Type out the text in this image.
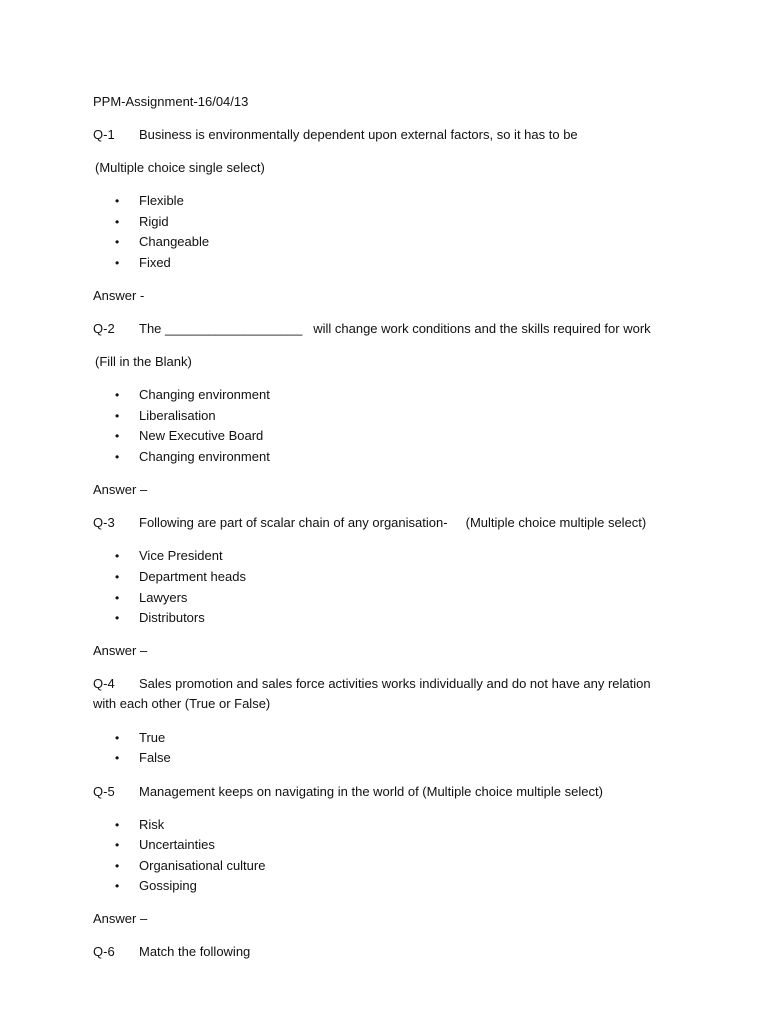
PPM-Assignment-16/04/13
Q-1 Business is environmentally dependent upon external factors, so it has to be
(Multiple choice single select)
• Flexible
• Rigid
• Changeable
• Fixed
Answer -
Q-2 The ___________________   will change work conditions and the skills required for work
(Fill in the Blank)
• Changing environment
• Liberalisation
• New Executive Board
• Changing environment
Answer –
Q-3 Following are part of scalar chain of any organisation-     (Multiple choice multiple select)
• Vice President
• Department heads
• Lawyers
• Distributors
Answer –
Q-4 Sales promotion and sales force activities works individually and do not have any relation
with each other (True or False)
• True
• False
Q-5 Management keeps on navigating in the world of (Multiple choice multiple select)
• Risk
• Uncertainties
• Organisational culture
• Gossiping
Answer –
Q-6 Match the following
